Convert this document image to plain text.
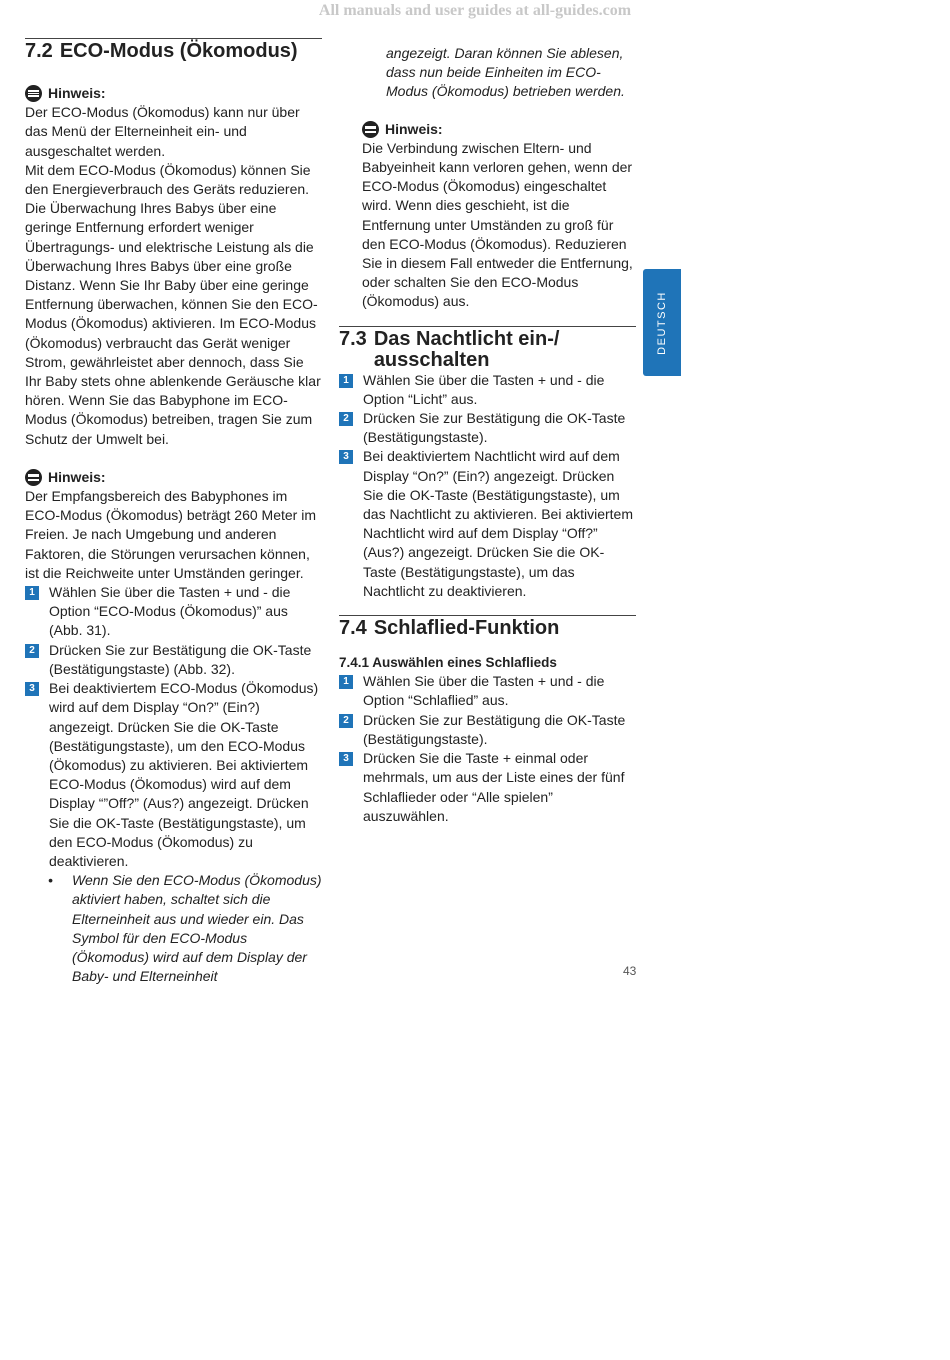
All manuals and user guides at all-guides.com
7.2 ECO-Modus (Ökomodus)
Hinweis:

Der ECO-Modus (Ökomodus) kann nur über das Menü der Elterneinheit ein- und ausgeschaltet werden.

Mit dem ECO-Modus (Ökomodus) können Sie den Energieverbrauch des Geräts reduzieren. Die Überwachung Ihres Babys über eine geringe Entfernung erfordert weniger Übertragungs- und elektrische Leistung als die Überwachung Ihres Babys über eine große Distanz. Wenn Sie Ihr Baby über eine geringe Entfernung überwachen, können Sie den ECO-Modus (Ökomodus) aktivieren. Im ECO-Modus (Ökomodus) verbraucht das Gerät weniger Strom, gewährleistet aber dennoch, dass Sie Ihr Baby stets ohne ablenkende Geräusche klar hören. Wenn Sie das Babyphone im ECO-Modus (Ökomodus) betreiben, tragen Sie zum Schutz der Umwelt bei.

Hinweis:

Der Empfangsbereich des Babyphones im ECO-Modus (Ökomodus) beträgt 260 Meter im Freien. Je nach Umgebung und anderen Faktoren, die Störungen verursachen können, ist die Reichweite unter Umständen geringer.

1	Wählen Sie über die Tasten + und - die Option “ECO-Modus (Ökomodus)” aus (Abb. 31).
2	Drücken Sie zur Bestätigung die OK-Taste (Bestätigungstaste) (Abb. 32).
3	Bei deaktiviertem ECO-Modus (Ökomodus) wird auf dem Display “On?” (Ein?) angezeigt. Drücken Sie die OK-Taste (Bestätigungstaste), um den ECO-Modus (Ökomodus) zu aktivieren. Bei aktiviertem ECO-Modus (Ökomodus) wird auf dem Display “”Off?” (Aus?) angezeigt. Drücken Sie die OK-Taste (Bestätigungstaste), um den ECO-Modus (Ökomodus) zu deaktivieren.
•	Wenn Sie den ECO-Modus (Ökomodus) aktiviert haben, schaltet sich die Elterneinheit aus und wieder ein. Das Symbol für den ECO-Modus (Ökomodus) wird auf dem Display der Baby- und Elterneinheit

angezeigt. Daran können Sie ablesen, dass nun beide Einheiten im ECO-Modus (Ökomodus) betrieben werden.

Hinweis:

Die Verbindung zwischen Eltern- und Babyeinheit kann verloren gehen, wenn der ECO-Modus (Ökomodus) eingeschaltet wird. Wenn dies geschieht, ist die Entfernung unter Umständen zu groß für den ECO-Modus (Ökomodus). Reduzieren Sie in diesem Fall entweder die Entfernung, oder schalten Sie den ECO-Modus (Ökomodus) aus.

7.3 Das Nachtlicht ein-/ ausschalten
1	Wählen Sie über die Tasten + und - die Option “Licht” aus.
2	Drücken Sie zur Bestätigung die OK-Taste (Bestätigungstaste).
3	Bei deaktiviertem Nachtlicht wird auf dem Display “On?” (Ein?) angezeigt. Drücken Sie die OK-Taste (Bestätigungstaste), um das Nachtlicht zu aktivieren. Bei aktiviertem Nachtlicht wird auf dem Display “Off?” (Aus?) angezeigt. Drücken Sie die OK-Taste (Bestätigungstaste), um das Nachtlicht zu deaktivieren.
7.4 Schlaflied-Funktion

7.4.1 Auswählen eines Schlaflieds

1	Wählen Sie über die Tasten + und - die Option “Schlaflied” aus.
2	Drücken Sie zur Bestätigung die OK-Taste (Bestätigungstaste).
3	Drücken Sie die Taste + einmal oder mehrmals, um aus der Liste eines der fünf Schlaflieder oder “Alle spielen” auszuwählen.
DEUTSCH
43
